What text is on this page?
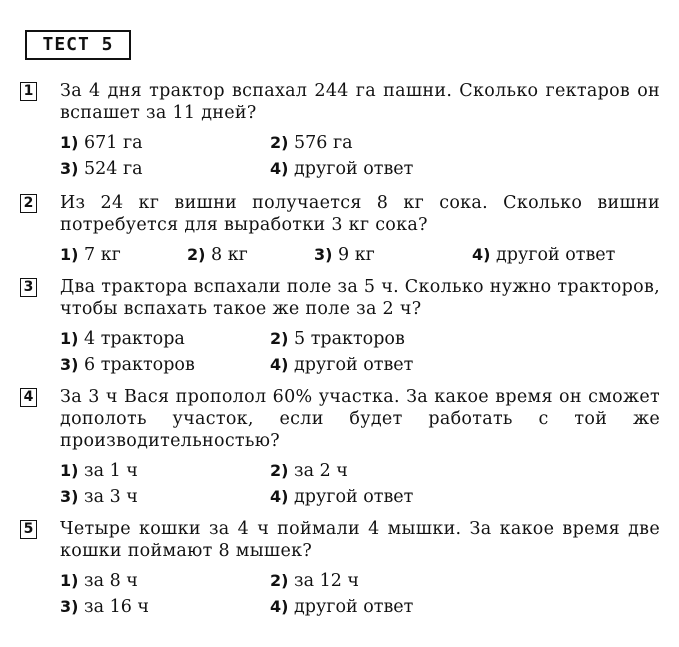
ТЕСТ 5
1 За 4 дня трактор вспахал 244 га пашни. Сколько гектаров он вспашет за 11 дней?
1) 671 га	2) 576 га
3) 524 га	4) другой ответ
2 Из 24 кг вишни получается 8 кг сока. Сколько вишни потребуется для выработки 3 кг сока?
1) 7 кг	2) 8 кг	3) 9 кг	4) другой ответ
3 Два трактора вспахали поле за 5 ч. Сколько нужно тракторов, чтобы вспахать такое же поле за 2 ч?
1) 4 трактора	2) 5 тракторов
3) 6 тракторов	4) другой ответ
4 За 3 ч Вася прополол 60% участка. За какое время он сможет дополоть участок, если будет работать с той же производительностью?
1) за 1 ч	2) за 2 ч
3) за 3 ч	4) другой ответ
5 Четыре кошки за 4 ч поймали 4 мышки. За какое время две кошки поймают 8 мышек?
1) за 8 ч	2) за 12 ч
3) за 16 ч	4) другой ответ
